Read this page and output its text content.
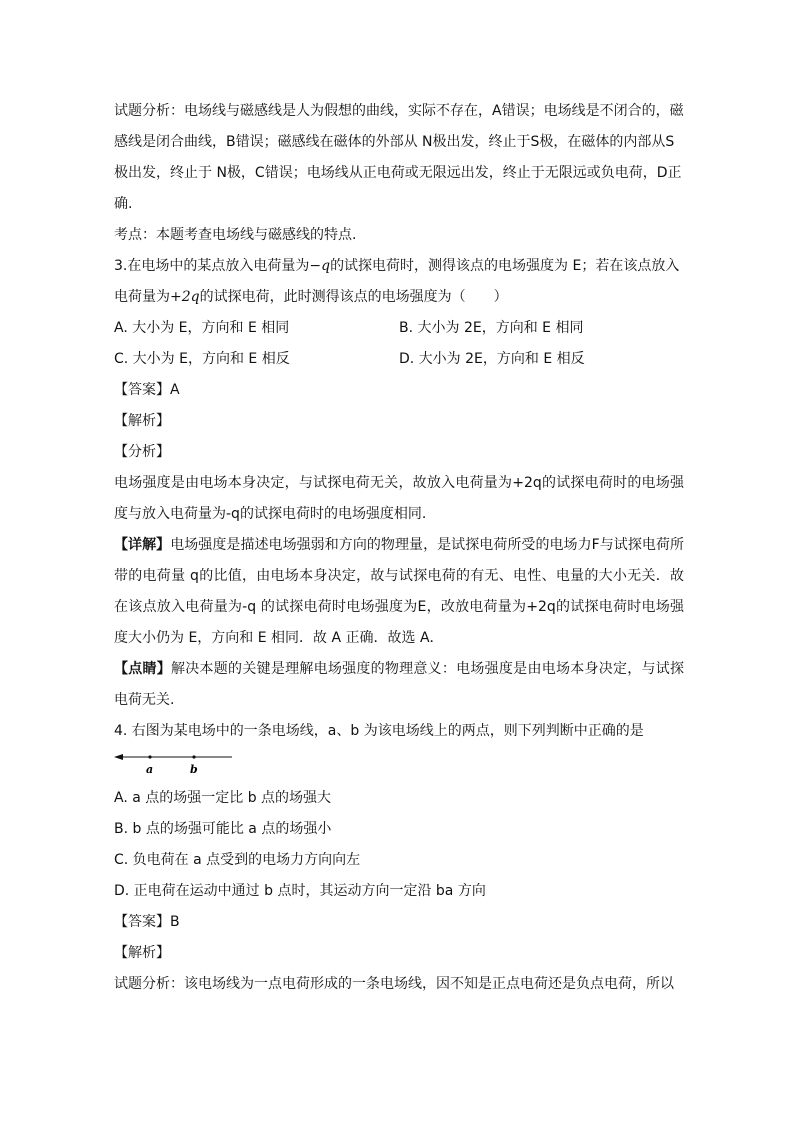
试题分析：电场线与磁感线是人为假想的曲线，实际不存在，A错误；电场线是不闭合的，磁

感线是闭合曲线，B错误；磁感线在磁体的外部从 N极出发，终止于S极，在磁体的内部从S

极出发，终止于 N极，C错误；电场线从正电荷或无限远出发，终止于无限远或负电荷，D正

确.

考点：本题考查电场线与磁感线的特点.

3.在电场中的某点放入电荷量为−q的试探电荷时，测得该点的电场强度为 E；若在该点放入

电荷量为+2q的试探电荷，此时测得该点的电场强度为（　　）

A. 大小为 E，方向和 E 相同	B. 大小为 2E，方向和 E 相同
C. 大小为 E，方向和 E 相反	D. 大小为 2E，方向和 E 相反

【答案】A

【解析】

【分析】

电场强度是由电场本身决定，与试探电荷无关，故放入电荷量为+2q的试探电荷时的电场强度与放入电荷量为-q的试探电荷时的电场强度相同.

【详解】电场强度是描述电场强弱和方向的物理量，是试探电荷所受的电场力F与试探电荷所带的电荷量 q的比值，由电场本身决定，故与试探电荷的有无、电性、电量的大小无关．故在该点放入电荷量为-q 的试探电荷时电场强度为E，改放电荷量为+2q的试探电荷时电场强度大小仍为 E，方向和 E 相同．故 A 正确．故选 A．

【点睛】解决本题的关键是理解电场强度的物理意义：电场强度是由电场本身决定，与试探电荷无关.

4. 右图为某电场中的一条电场线，a、b 为该电场线上的两点，则下列判断中正确的是

a	b

A. a 点的场强一定比 b 点的场强大

B. b 点的场强可能比 a 点的场强小

C. 负电荷在 a 点受到的电场力方向向左

D. 正电荷在运动中通过 b 点时，其运动方向一定沿 ba 方向

【答案】B

【解析】

试题分析：该电场线为一点电荷形成的一条电场线，因不知是正点电荷还是负点电荷，所以
